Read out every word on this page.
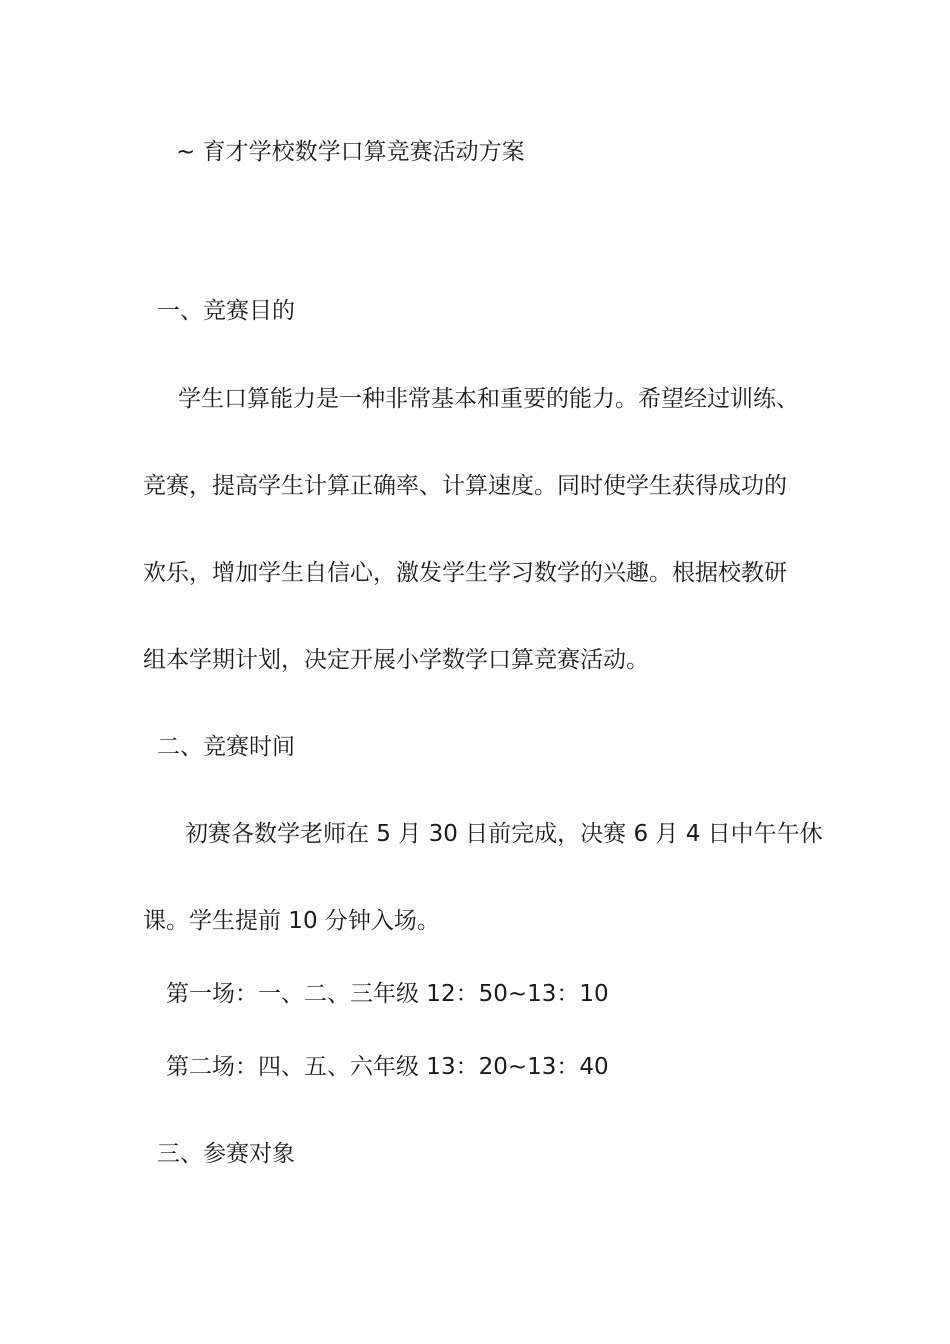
~ 育才学校数学口算竞赛活动方案
一、竞赛目的
学生口算能力是一种非常基本和重要的能力。希望经过训练、
竞赛，提高学生计算正确率、计算速度。同时使学生获得成功的
欢乐，增加学生自信心，激发学生学习数学的兴趣。根据校教研
组本学期计划，决定开展小学数学口算竞赛活动。
二、竞赛时间
初赛各数学老师在 5 月 30 日前完成，决赛 6 月 4 日中午午休
课。学生提前 10 分钟入场。
第一场：一、二、三年级 12：50~13：10
第二场：四、五、六年级 13：20~13：40
三、参赛对象
